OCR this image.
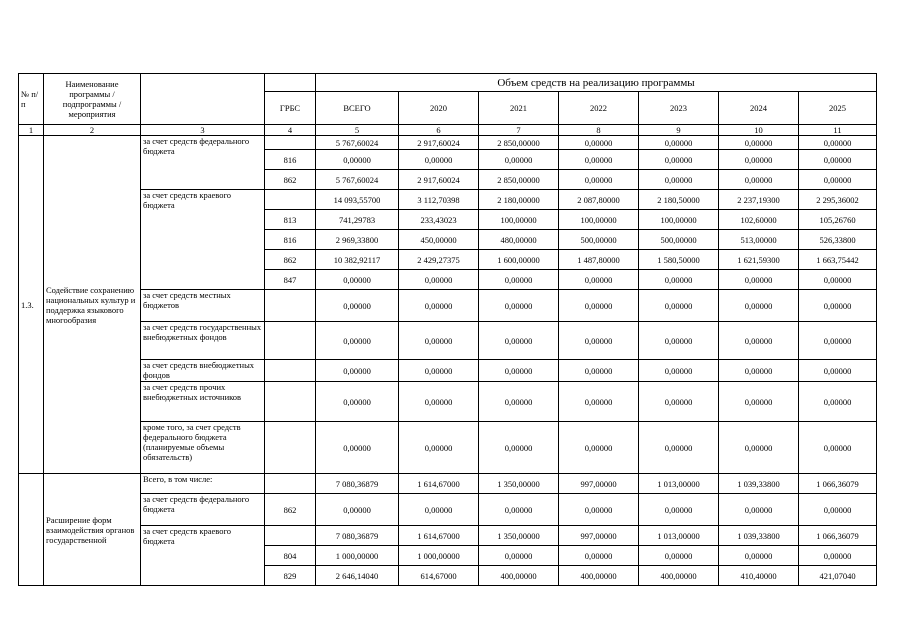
№ п/п	Наименование программы / подпрограммы / мероприятия			Объем средств на реализацию программы						
			ГРБС	ВСЕГО	2020	2021	2022	2023	2024	2025
1	2	3	4	5	6	7	8	9	10	11
1.3.	Содействие сохранению национальных культур и поддержка языкового многообразия	за счет средств федерального бюджета		5 767,60024	2 917,60024	2 850,00000	0,00000	0,00000	0,00000	0,00000
			816	0,00000	0,00000	0,00000	0,00000	0,00000	0,00000	0,00000
			862	5 767,60024	2 917,60024	2 850,00000	0,00000	0,00000	0,00000	0,00000
		за счет средств краевого бюджета		14 093,55700	3 112,70398	2 180,00000	2 087,80000	2 180,50000	2 237,19300	2 295,36002
			813	741,29783	233,43023	100,00000	100,00000	100,00000	102,60000	105,26760
			816	2 969,33800	450,00000	480,00000	500,00000	500,00000	513,00000	526,33800
			862	10 382,92117	2 429,27375	1 600,00000	1 487,80000	1 580,50000	1 621,59300	1 663,75442
			847	0,00000	0,00000	0,00000	0,00000	0,00000	0,00000	0,00000
		за счет средств местных бюджетов		0,00000	0,00000	0,00000	0,00000	0,00000	0,00000	0,00000
		за счет средств государственных внебюджетных фондов		0,00000	0,00000	0,00000	0,00000	0,00000	0,00000	0,00000
		за счет средств внебюджетных фондов		0,00000	0,00000	0,00000	0,00000	0,00000	0,00000	0,00000
		за счет средств прочих внебюджетных источников		0,00000	0,00000	0,00000	0,00000	0,00000	0,00000	0,00000
		кроме того, за счет средств федерального бюджета (планируемые объемы обязательств)		0,00000	0,00000	0,00000	0,00000	0,00000	0,00000	0,00000
	Расширение форм взаимодействия органов государственной	Всего, в том числе:		7 080,36879	1 614,67000	1 350,00000	997,00000	1 013,00000	1 039,33800	1 066,36079
		за счет средств федерального бюджета	862	0,00000	0,00000	0,00000	0,00000	0,00000	0,00000	0,00000
		за счет средств краевого бюджета		7 080,36879	1 614,67000	1 350,00000	997,00000	1 013,00000	1 039,33800	1 066,36079
			804	1 000,00000	1 000,00000	0,00000	0,00000	0,00000	0,00000	0,00000
			829	2 646,14040	614,67000	400,00000	400,00000	400,00000	410,40000	421,07040
